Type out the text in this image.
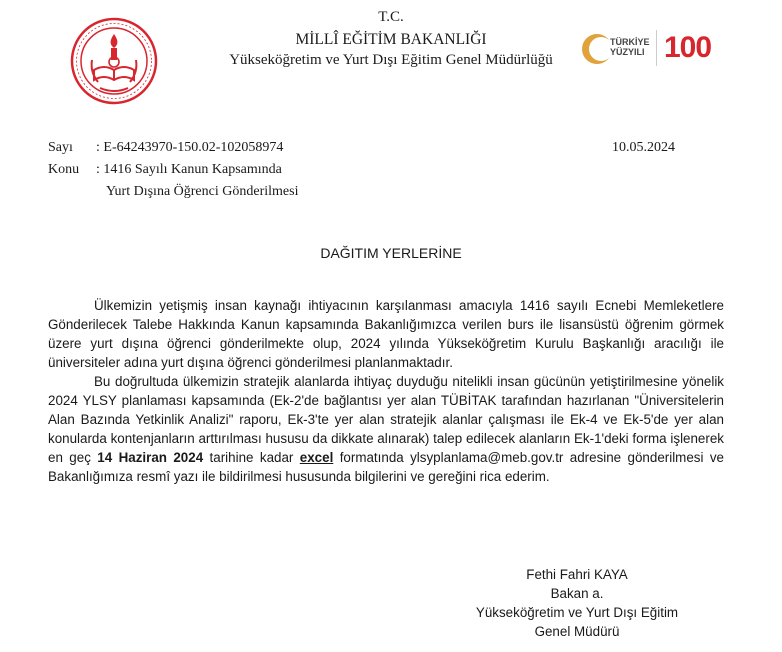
T.C.
MİLLÎ EĞİTİM BAKANLIĞI
Yükseköğretim ve Yurt Dışı Eğitim Genel Müdürlüğü
TÜRKİYE
YÜZYILI 100
Sayı : E-64243970-150.02-102058974	10.05.2024
Konu : 1416 Sayılı Kanun Kapsamında
Yurt Dışına Öğrenci Gönderilmesi
DAĞITIM YERLERİNE

Ülkemizin yetişmiş insan kaynağı ihtiyacının karşılanması amacıyla 1416 sayılı Ecnebi Memleketlere Gönderilecek Talebe Hakkında Kanun kapsamında Bakanlığımızca verilen burs ile lisansüstü öğrenim görmek üzere yurt dışına öğrenci gönderilmekte olup, 2024 yılında Yükseköğretim Kurulu Başkanlığı aracılığı ile üniversiteler adına yurt dışına öğrenci gönderilmesi planlanmaktadır.

Bu doğrultuda ülkemizin stratejik alanlarda ihtiyaç duyduğu nitelikli insan gücünün yetiştirilmesine yönelik 2024 YLSY planlaması kapsamında (Ek-2'de bağlantısı yer alan TÜBİTAK tarafından hazırlanan "Üniversitelerin Alan Bazında Yetkinlik Analizi" raporu, Ek-3'te yer alan stratejik alanlar çalışması ile Ek-4 ve Ek-5'de yer alan konularda kontenjanların arttırılması hususu da dikkate alınarak) talep edilecek alanların Ek-1'deki forma işlenerek en geç 14 Haziran 2024 tarihine kadar excel formatında ylsyplanlama@meb.gov.tr adresine gönderilmesi ve Bakanlığımıza resmî yazı ile bildirilmesi hususunda bilgilerini ve gereğini rica ederim.

Fethi Fahri KAYA
Bakan a.
Yükseköğretim ve Yurt Dışı Eğitim
Genel Müdürü
